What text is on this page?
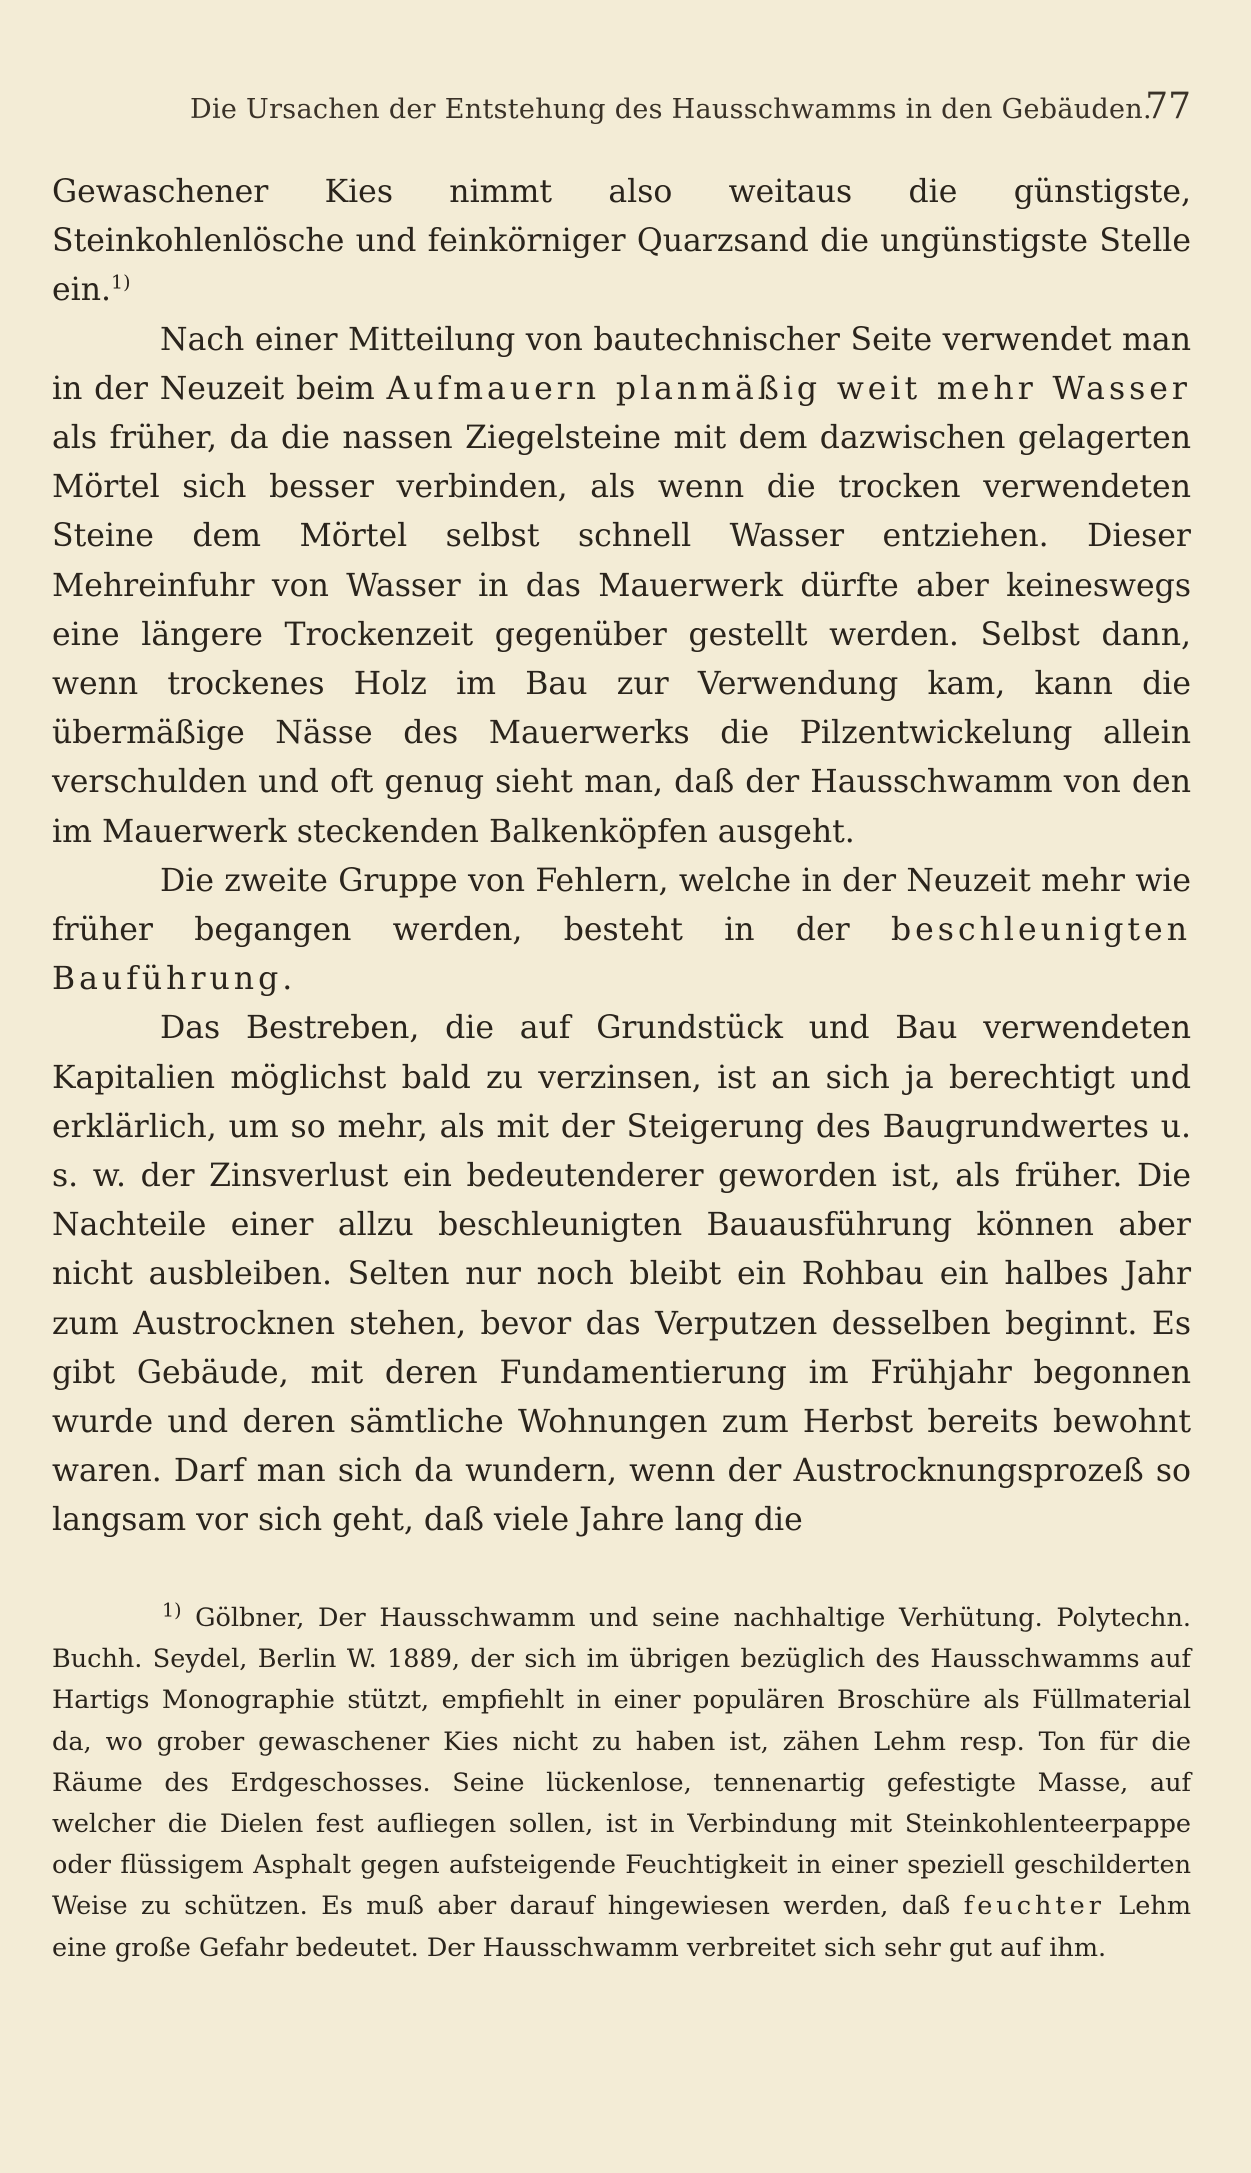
Die Ursachen der Entstehung des Hausschwamms in den Gebäuden.
77

Gewaschener Kies nimmt also weitaus die günstigste, Steinkohlenlösche und feinkörniger Quarzsand die ungünstigste Stelle ein.$^{1)}$

Nach einer Mitteilung von bautechnischer Seite verwendet man in der Neuzeit beim Aufmauern planmäßig weit mehr Wasser als früher, da die nassen Ziegelsteine mit dem dazwischen gelagerten Mörtel sich besser verbinden, als wenn die trocken verwendeten Steine dem Mörtel selbst schnell Wasser entziehen. Dieser Mehreinfuhr von Wasser in das Mauerwerk dürfte aber keineswegs eine längere Trockenzeit gegenüber gestellt werden. Selbst dann, wenn trockenes Holz im Bau zur Verwendung kam, kann die übermäßige Nässe des Mauerwerks die Pilzentwickelung allein verschulden und oft genug sieht man, daß der Hausschwamm von den im Mauerwerk steckenden Balkenköpfen ausgeht.

Die zweite Gruppe von Fehlern, welche in der Neuzeit mehr wie früher begangen werden, besteht in der beschleunigten Bauführung.

Das Bestreben, die auf Grundstück und Bau verwendeten Kapitalien möglichst bald zu verzinsen, ist an sich ja berechtigt und erklärlich, um so mehr, als mit der Steigerung des Baugrundwertes u. s. w. der Zinsverlust ein bedeutenderer geworden ist, als früher. Die Nachteile einer allzu beschleunigten Bauausführung können aber nicht ausbleiben. Selten nur noch bleibt ein Rohbau ein halbes Jahr zum Austrocknen stehen, bevor das Verputzen desselben beginnt. Es gibt Gebäude, mit deren Fundamentierung im Frühjahr begonnen wurde und deren sämtliche Wohnungen zum Herbst bereits bewohnt waren. Darf man sich da wundern, wenn der Austrocknungsprozeß so langsam vor sich geht, daß viele Jahre lang die

$^{1)}$ Gölbner, Der Hausschwamm und seine nachhaltige Verhütung. Polytechn. Buchh. Seydel, Berlin W. 1889, der sich im übrigen bezüglich des Hausschwamms auf Hartigs Monographie stützt, empfiehlt in einer populären Broschüre als Füllmaterial da, wo grober gewaschener Kies nicht zu haben ist, zähen Lehm resp. Ton für die Räume des Erdgeschosses. Seine lückenlose, tennenartig gefestigte Masse, auf welcher die Dielen fest aufliegen sollen, ist in Verbindung mit Steinkohlenteerpappe oder flüssigem Asphalt gegen aufsteigende Feuchtigkeit in einer speziell geschilderten Weise zu schützen. Es muß aber darauf hingewiesen werden, daß feuchter Lehm eine große Gefahr bedeutet. Der Hausschwamm verbreitet sich sehr gut auf ihm.
